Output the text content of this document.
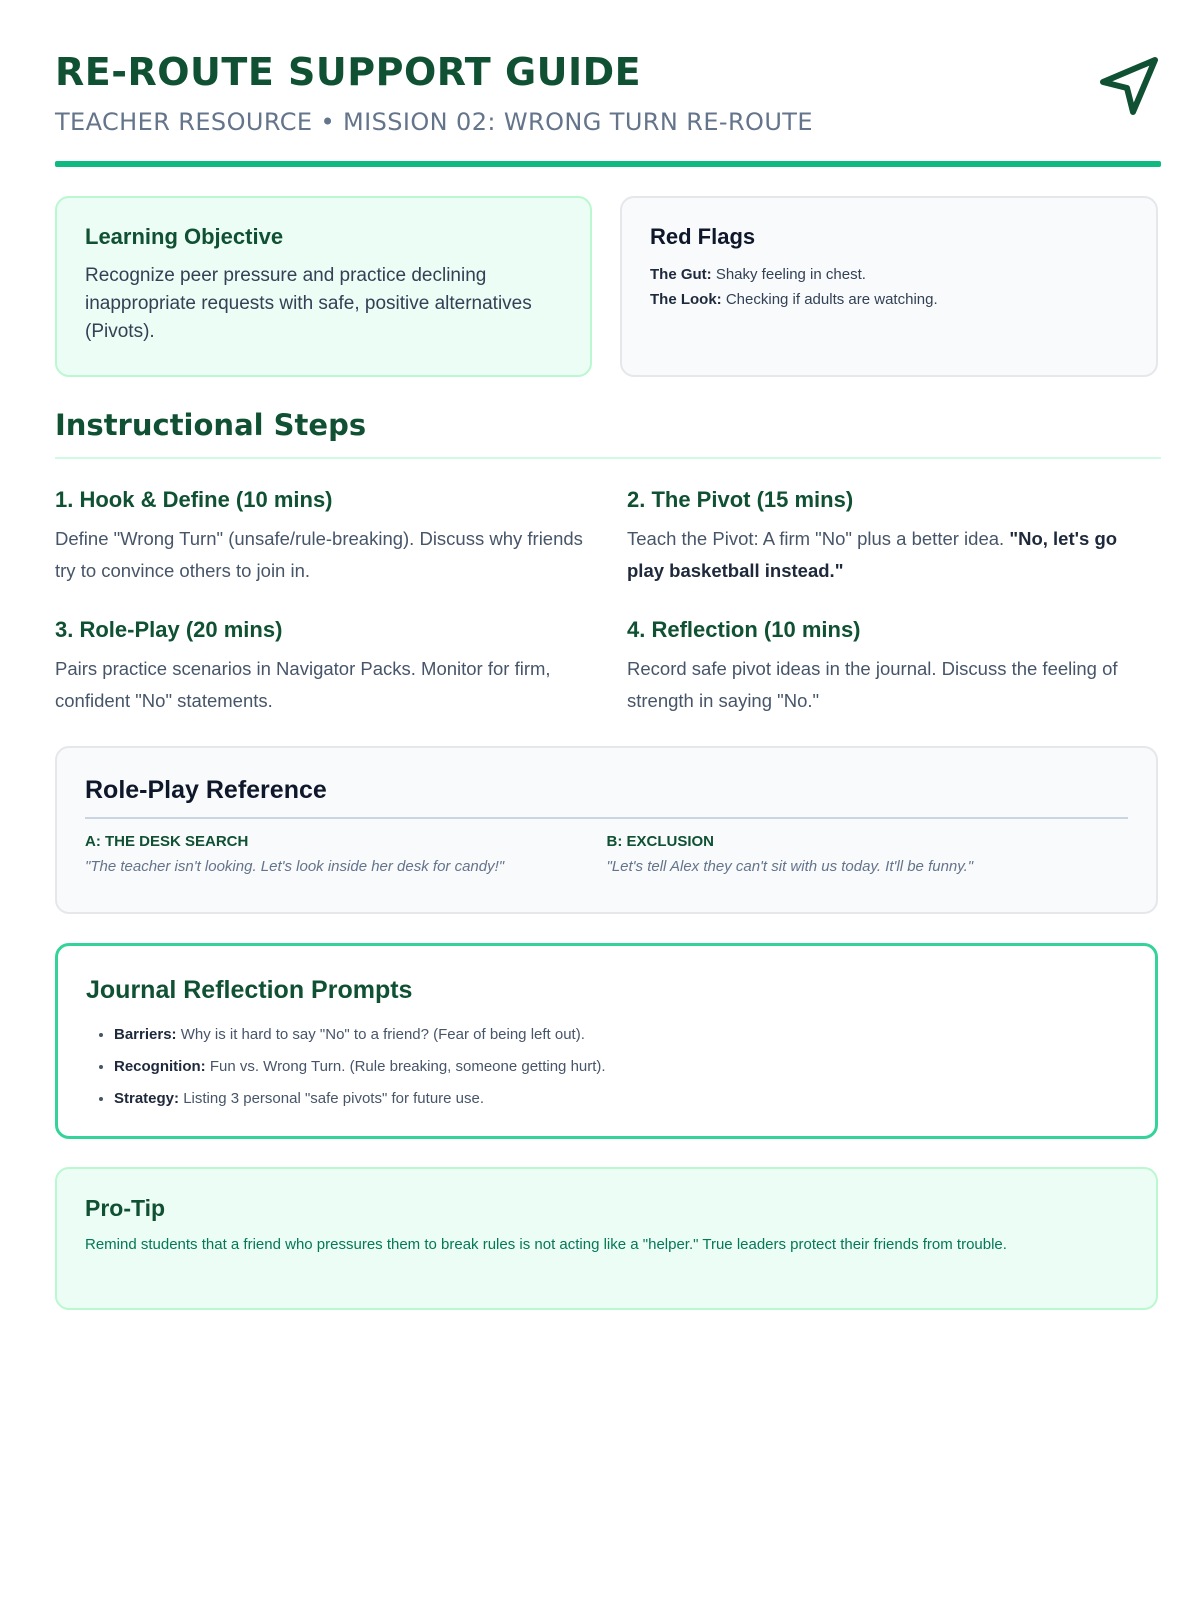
RE-ROUTE SUPPORT GUIDE
TEACHER RESOURCE • MISSION 02: WRONG TURN RE-ROUTE
Learning Objective
Recognize peer pressure and practice declining inappropriate requests with safe, positive alternatives (Pivots).
Red Flags
The Gut: Shaky feeling in chest.
The Look: Checking if adults are watching.
Instructional Steps
1. Hook & Define (10 mins)
Define "Wrong Turn" (unsafe/rule-breaking). Discuss why friends try to convince others to join in.
2. The Pivot (15 mins)
Teach the Pivot: A firm "No" plus a better idea. "No, let's go play basketball instead."
3. Role-Play (20 mins)
Pairs practice scenarios in Navigator Packs. Monitor for firm, confident "No" statements.
4. Reflection (10 mins)
Record safe pivot ideas in the journal. Discuss the feeling of strength in saying "No."
Role-Play Reference
A: THE DESK SEARCH
"The teacher isn't looking. Let's look inside her desk for candy!"
B: EXCLUSION
"Let's tell Alex they can't sit with us today. It'll be funny."
Journal Reflection Prompts
• Barriers: Why is it hard to say "No" to a friend? (Fear of being left out).
• Recognition: Fun vs. Wrong Turn. (Rule breaking, someone getting hurt).
• Strategy: Listing 3 personal "safe pivots" for future use.
Pro-Tip
Remind students that a friend who pressures them to break rules is not acting like a "helper." True leaders protect their friends from trouble.
